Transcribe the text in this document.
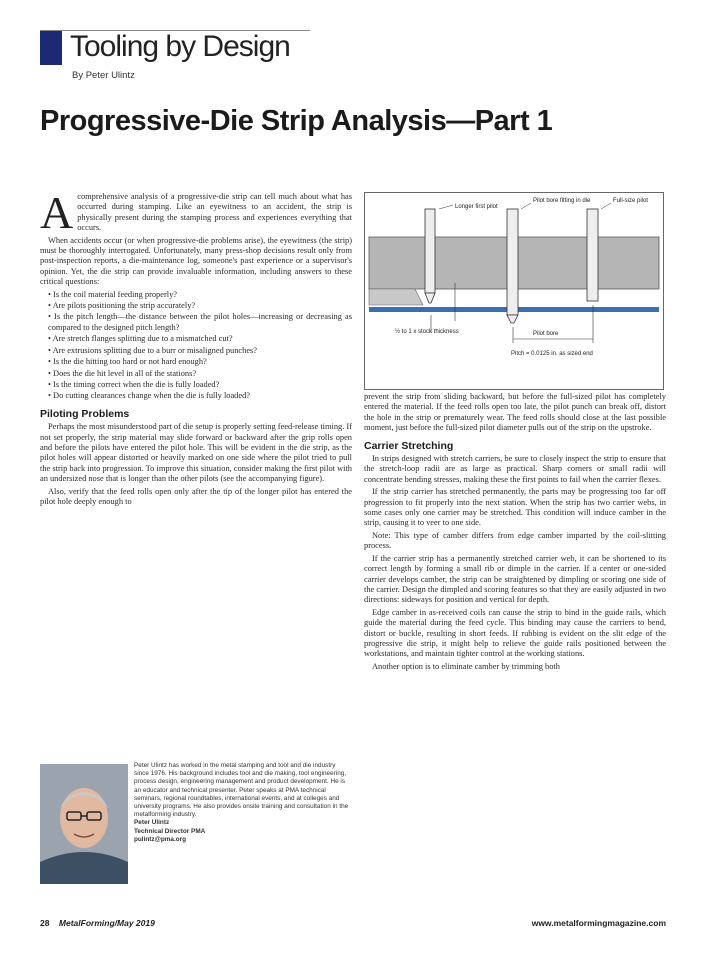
Tooling by Design
By Peter Ulintz
Progressive-Die Strip Analysis—Part 1

Acomprehensive analysis of a progressive-die strip can tell much about what has occurred during stamping. Like an eyewitness to an accident, the strip is physically present during the stamping process and experiences everything that occurs.

When accidents occur (or when progressive-die problems arise), the eyewitness (the strip) must be thoroughly interrogated. Unfortunately, many press-shop decisions result only from post-inspection reports, a die-maintenance log, someone's past experience or a supervisor's opinion. Yet, the die strip can provide invaluable information, including answers to these critical questions:

• Is the coil material feeding properly?

• Are pilots positioning the strip accurately?

• Is the pitch length—the distance between the pilot holes—increasing or decreasing as compared to the designed pitch length?

• Are stretch flanges splitting due to a mismatched cut?

• Are extrusions splitting due to a burr or misaligned punches?

• Is the die hitting too hard or not hard enough?

• Does the die hit level in all of the stations?

• Is the timing correct when the die is fully loaded?

• Do cutting clearances change when the die is fully loaded?

Piloting Problems

Perhaps the most misunderstood part of die setup is properly setting feed-release timing. If not set properly, the strip material may slide forward or backward after the grip rolls open and before the pilots have entered the pilot hole. This will be evident in the die strip, as the pilot holes will appear distorted or heavily marked on one side where the pilot tried to pull the strip back into progression. To improve this situation, consider making the first pilot with an undersized nose that is longer than the other pilots (see the accompanying figure).

Also, verify that the feed rolls open only after the tip of the longer pilot has entered the pilot hole deeply enough to

Longer first pilot
Pilot bore fitting in die	Full-size pilot
½ to 1 x stock thickness	Pilot bore
Pitch = 0.0125 in. as sized end

prevent the strip from sliding backward, but before the full-sized pilot has completely entered the material. If the feed rolls open too late, the pilot punch can break off, distort the hole in the strip or prematurely wear. The feed rolls should close at the last possible moment, just before the full-sized pilot diameter pulls out of the strip on the upstroke.

Carrier Stretching

In strips designed with stretch carriers, be sure to closely inspect the strip to ensure that the stretch-loop radii are as large as practical. Sharp corners or small radii will concentrate bending stresses, making these the first points to fail when the carrier flexes.

If the strip carrier has stretched permanently, the parts may be progressing too far off progression to fit properly into the next station. When the strip has two carrier webs, in some cases only one carrier may be stretched. This condition will induce camber in the strip, causing it to veer to one side.

Note: This type of camber differs from edge camber imparted by the coil-slitting process.

If the carrier strip has a permanently stretched carrier web, it can be shortened to its correct length by forming a small rib or dimple in the carrier. If a center or one-sided carrier develops camber, the strip can be straightened by dimpling or scoring one side of the carrier. Design the dimpled and scoring features so that they are easily adjusted in two directions: sideways for position and vertical for depth.

Edge camber in as-received coils can cause the strip to bind in the guide rails, which guide the material during the feed cycle. This binding may cause the carriers to bend, distort or buckle, resulting in short feeds. If rubbing is evident on the slit edge of the progressive die strip, it might help to relieve the guide rails positioned between the workstations, and maintain tighter control at the working stations.

Another option is to eliminate camber by trimming both

Peter Ulintz has worked in the metal stamping and tool and die industry since 1976. His background includes tool and die making, tool engineering, process design, engineering management and product development. He is an educator and technical presenter. Peter speaks at PMA technical seminars, regional roundtables, international events, and at colleges and university programs. He also provides onsite training and consultation in the metalforming industry.
Peter Ulintz
Technical Director PMA
pulintz@pma.org
28 MetalForming/May 2019	www.metalformingmagazine.com
